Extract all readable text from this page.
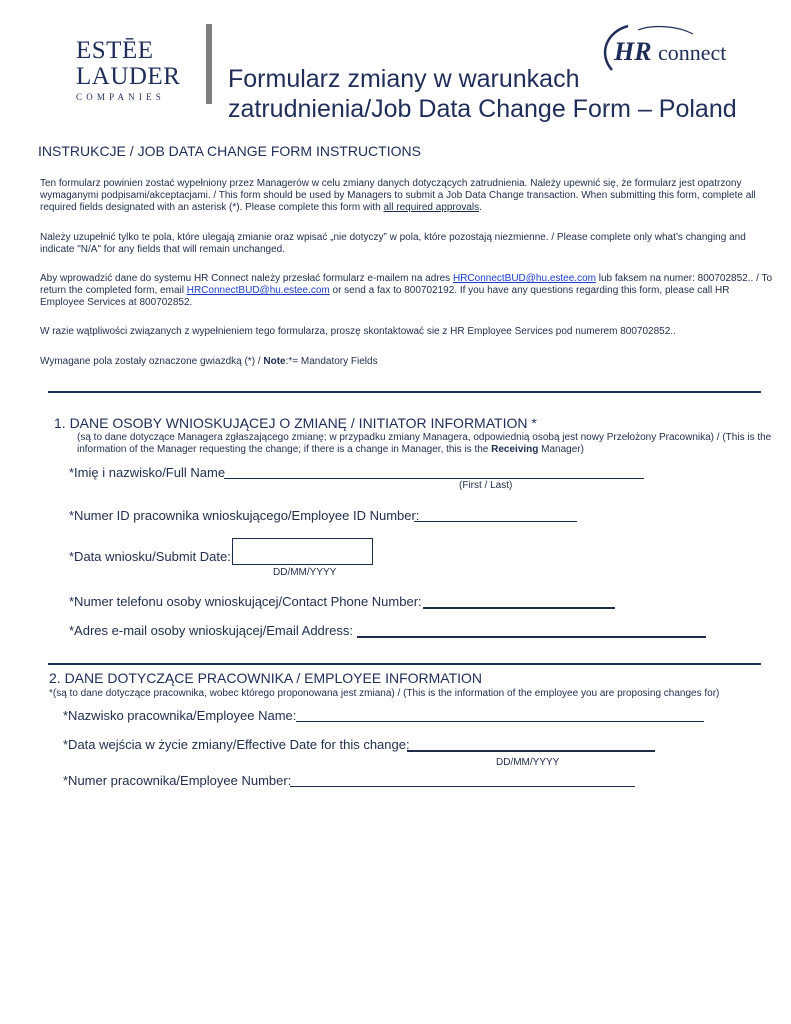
ESTĒE
LAUDER
COMPANIES
Formularz zmiany w warunkach
zatrudnienia/Job Data Change Form – Poland
HR connect
INSTRUKCJE / JOB DATA CHANGE FORM INSTRUCTIONS
Ten formularz powinien zostać wypełniony przez Managerów w celu zmiany danych dotyczących zatrudnienia. Należy upewnić się, że formularz jest opatrzony wymaganymi podpisami/akceptacjami. / This form should be used by Managers to submit a Job Data Change transaction. When submitting this form, complete all required fields designated with an asterisk (*). Please complete this form with all required approvals.
Należy uzupełnić tylko te pola, które ulegają zmianie oraz wpisać „nie dotyczy” w pola, które pozostają niezmienne. / Please complete only what’s changing and indicate "N/A" for any fields that will remain unchanged.
Aby wprowadzić dane do systemu HR Connect należy przesłać formularz e-mailem na adres HRConnectBUD@hu.estee.com lub faksem na numer: 800702852.. / To return the completed form, email HRConnectBUD@hu.estee.com or send a fax to 800702192. If you have any questions regarding this form, please call HR Employee Services at 800702852.
W razie wątpliwości związanych z wypełnieniem tego formularza, proszę skontaktować sie z HR Employee Services pod numerem 800702852..
Wymagane pola zostały oznaczone gwiazdką (*) / Note:*= Mandatory Fields
1. DANE OSOBY WNIOSKUJĄCEJ O ZMIANĘ / INITIATOR INFORMATION *
(są to dane dotyczące Managera zgłaszającego zmianę; w przypadku zmiany Managera, odpowiednią osobą jest nowy Przełożony Pracownika) / (This is the information of the Manager requesting the change; if there is a change in Manager, this is the Receiving Manager)
*Imię i nazwisko/Full Name
(First / Last)
*Numer ID pracownika wnioskującego/Employee ID Number:
*Data wniosku/Submit Date:
DD/MM/YYYY
*Numer telefonu osoby wnioskującej/Contact Phone Number:
*Adres e-mail osoby wnioskującej/Email Address:
2. DANE DOTYCZĄCE PRACOWNIKA / EMPLOYEE INFORMATION
*(są to dane dotyczące pracownika, wobec którego proponowana jest zmiana) / (This is the information of the employee you are proposing changes for)
*Nazwisko pracownika/Employee Name:
*Data wejścia w życie zmiany/Effective Date for this change:
DD/MM/YYYY
*Numer pracownika/Employee Number:
